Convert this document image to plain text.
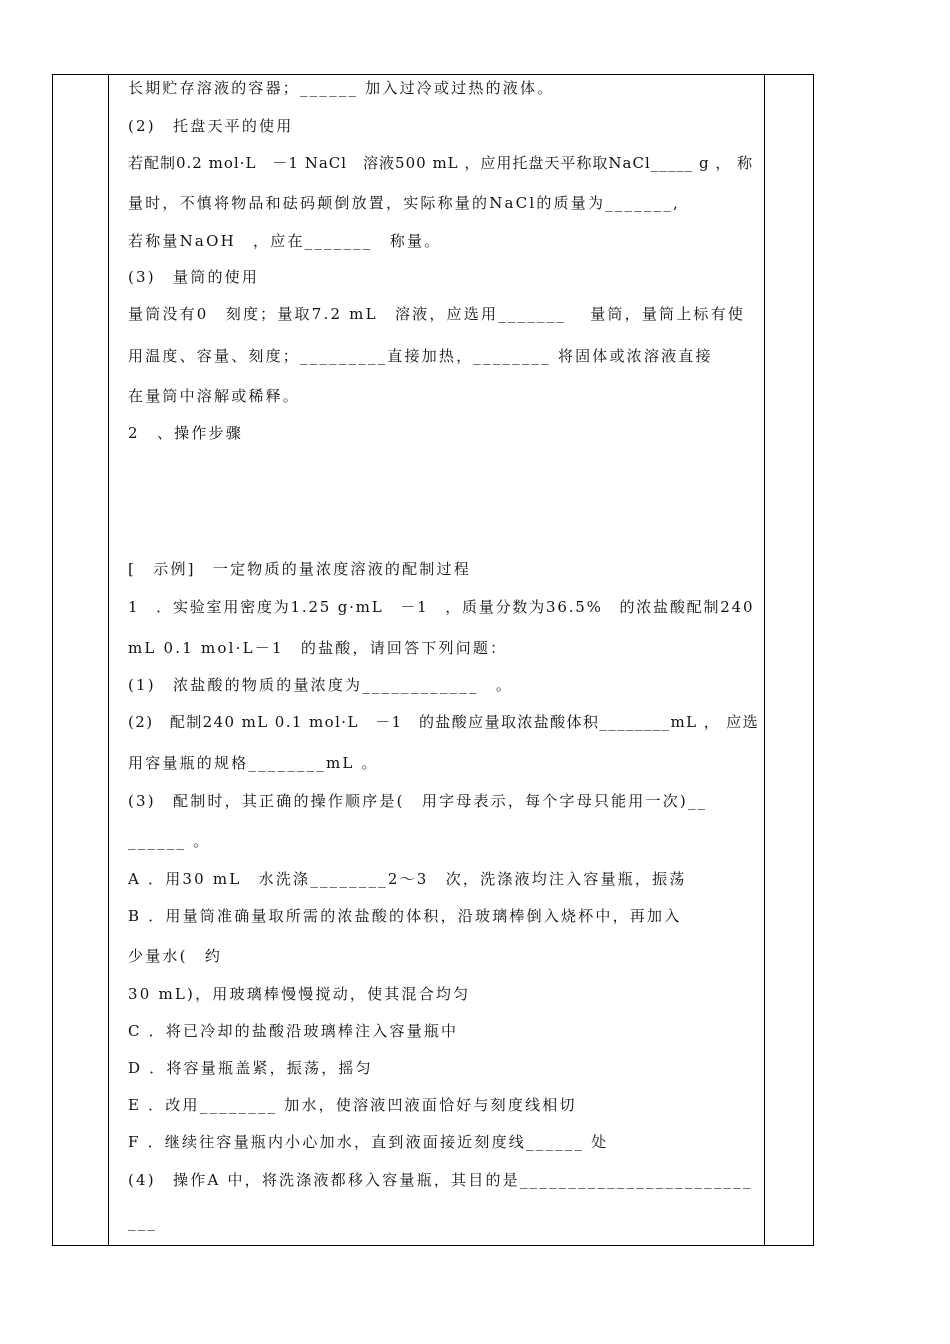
长期贮存溶液的容器；______ 加入过冷或过热的液体。
(2)　托盘天平的使用
若配制0.2 mol·L　－1 NaCl　溶液500 mL ，应用托盘天平称取NaCl_____ g ， 称
量时，不慎将物品和砝码颠倒放置，实际称量的NaCl的质量为_______,
若称量NaOH　，应在_______　称量。
(3)　量筒的使用
量筒没有0　刻度；量取7.2 mL　溶液，应选用_______　 量筒，量筒上标有使
用温度、容量、刻度；_________直接加热，________ 将固体或浓溶液直接
在量筒中溶解或稀释。
2　、操作步骤
[　示例]　一定物质的量浓度溶液的配制过程
1　．实验室用密度为1.25 g·mL　－1　，质量分数为36.5%　的浓盐酸配制240
mL 0.1 mol·L－1　的盐酸，请回答下列问题：
(1)　浓盐酸的物质的量浓度为____________　。
(2)　配制240 mL 0.1 mol·L　－1　的盐酸应量取浓盐酸体积________mL ， 应选
用容量瓶的规格________mL 。
(3)　配制时，其正确的操作顺序是(　用字母表示，每个字母只能用一次)__
______ 。
A ．用30 mL　水洗涤________2～3　次，洗涤液均注入容量瓶，振荡
B ．用量筒准确量取所需的浓盐酸的体积，沿玻璃棒倒入烧杯中，再加入
少量水(　约
30 mL)，用玻璃棒慢慢搅动，使其混合均匀
C ．将已冷却的盐酸沿玻璃棒注入容量瓶中
D ．将容量瓶盖紧，振荡，摇匀
E ．改用________ 加水，使溶液凹液面恰好与刻度线相切
F ．继续往容量瓶内小心加水，直到液面接近刻度线______ 处
(4)　操作A 中，将洗涤液都移入容量瓶，其目的是________________________
___
